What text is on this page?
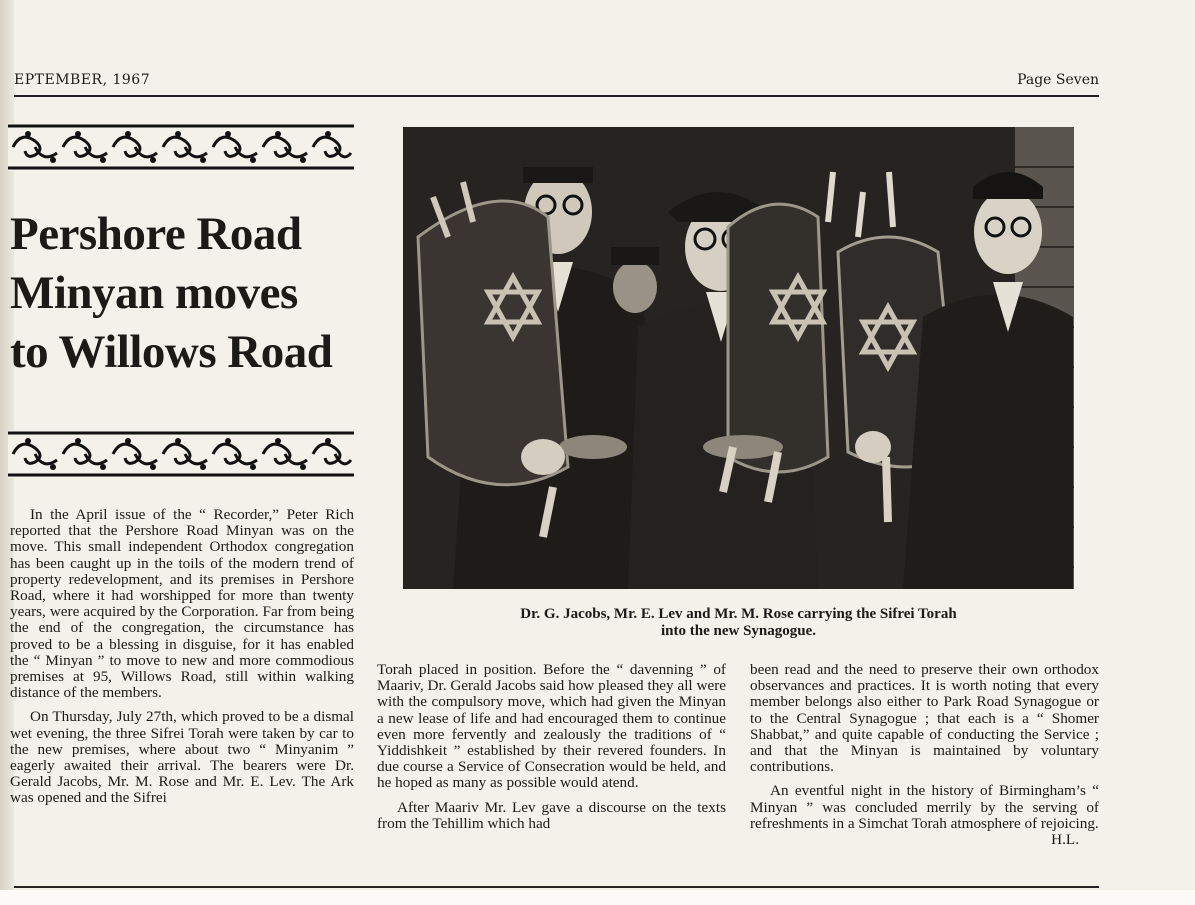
EPTEMBER, 1967	Page Seven
Pershore Road
Minyan moves
to Willows Road
Dr. G. Jacobs, Mr. E. Lev and Mr. M. Rose carrying the Sifrei Torah
into the new Synagogue.

In the April issue of the “ Recorder,” Peter Rich reported that the Pershore Road Minyan was on the move. This small independent Orthodox congregation has been caught up in the toils of the modern trend of property redevelopment, and its premises in Pershore Road, where it had worshipped for more than twenty years, were acquired by the Corporation. Far from being the end of the congregation, the circumstance has proved to be a blessing in disguise, for it has enabled the “ Minyan ” to move to new and more commodious premises at 95, Willows Road, still within walking distance of the members.

On Thursday, July 27th, which proved to be a dismal wet evening, the three Sifrei Torah were taken by car to the new premises, where about two “ Minyanim ” eagerly awaited their arrival. The bearers were Dr. Gerald Jacobs, Mr. M. Rose and Mr. E. Lev. The Ark was opened and the Sifrei

Torah placed in position. Before the “ davenning ” of Maariv, Dr. Gerald Jacobs said how pleased they all were with the compulsory move, which had given the Minyan a new lease of life and had encouraged them to continue even more fervently and zealously the traditions of “ Yiddishkeit ” established by their revered founders. In due course a Service of Consecration would be held, and he hoped as many as possible would atend.

After Maariv Mr. Lev gave a discourse on the texts from the Tehillim which had

been read and the need to preserve their own orthodox observances and practices. It is worth noting that every member belongs also either to Park Road Synagogue or to the Central Synagogue ; that each is a “ Shomer Shabbat,” and quite capable of conducting the Service ; and that the Minyan is maintained by voluntary contributions.

An eventful night in the history of Birmingham’s “ Minyan ” was concluded merrily by the serving of refreshments in a Simchat Torah atmosphere of rejoicing.

H.L.
